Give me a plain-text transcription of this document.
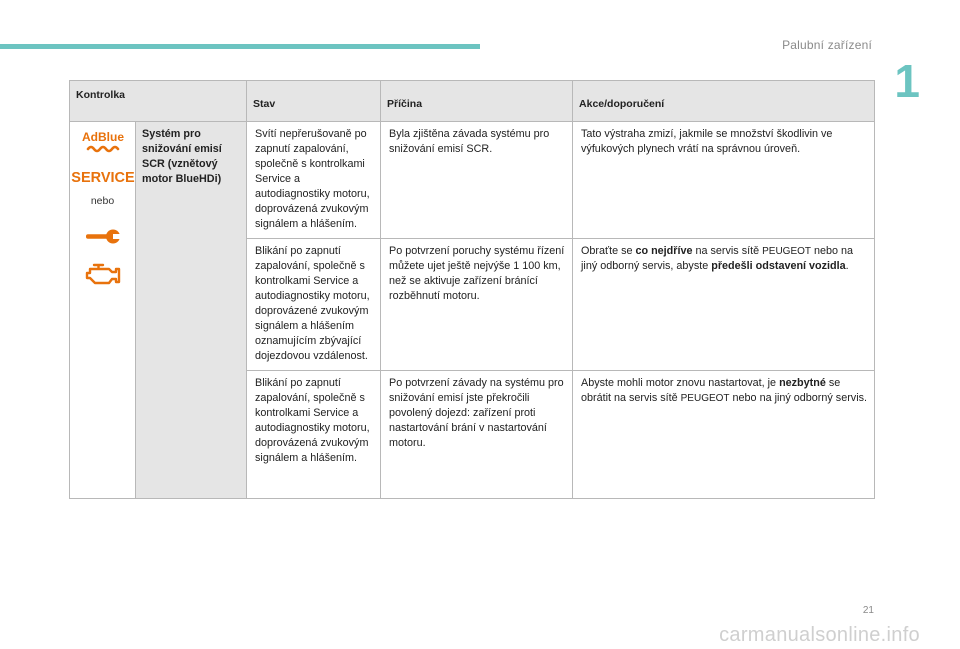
Palubní zařízení
1
Kontrolka		Stav	Příčina	Akce/doporučení

AdBlue
SERVICE
nebo	Systém pro snižování emisí SCR (vznětový motor BlueHDi)	Svítí nepřerušovaně po zapnutí zapalování, společně s kontrolkami Service a autodiagnostiky motoru, doprovázená zvukovým signálem a hlášením.	Byla zjištěna závada systému pro snižování emisí SCR.	Tato výstraha zmizí, jakmile se množství škodlivin ve výfukových plynech vrátí na správnou úroveň.
		Blikání po zapnutí zapalování, společně s kontrolkami Service a autodiagnostiky motoru, doprovázené zvukovým signálem a hlášením oznamujícím zbývající dojezdovou vzdálenost.	Po potvrzení poruchy systému řízení můžete ujet ještě nejvýše 1 100 km, než se aktivuje zařízení bránící rozběhnutí motoru.	Obraťte se co nejdříve na servis sítě PEUGEOT nebo na jiný odborný servis, abyste předešli odstavení vozidla.
		Blikání po zapnutí zapalování, společně s kontrolkami Service a autodiagnostiky motoru, doprovázená zvukovým signálem a hlášením.	Po potvrzení závady na systému pro snižování emisí jste překročili povolený dojezd: zařízení proti nastartování brání v nastartování motoru.	Abyste mohli motor znovu nastartovat, je nezbytné se obrátit na servis sítě PEUGEOT nebo na jiný odborný servis.
21
carmanualsonline.info
